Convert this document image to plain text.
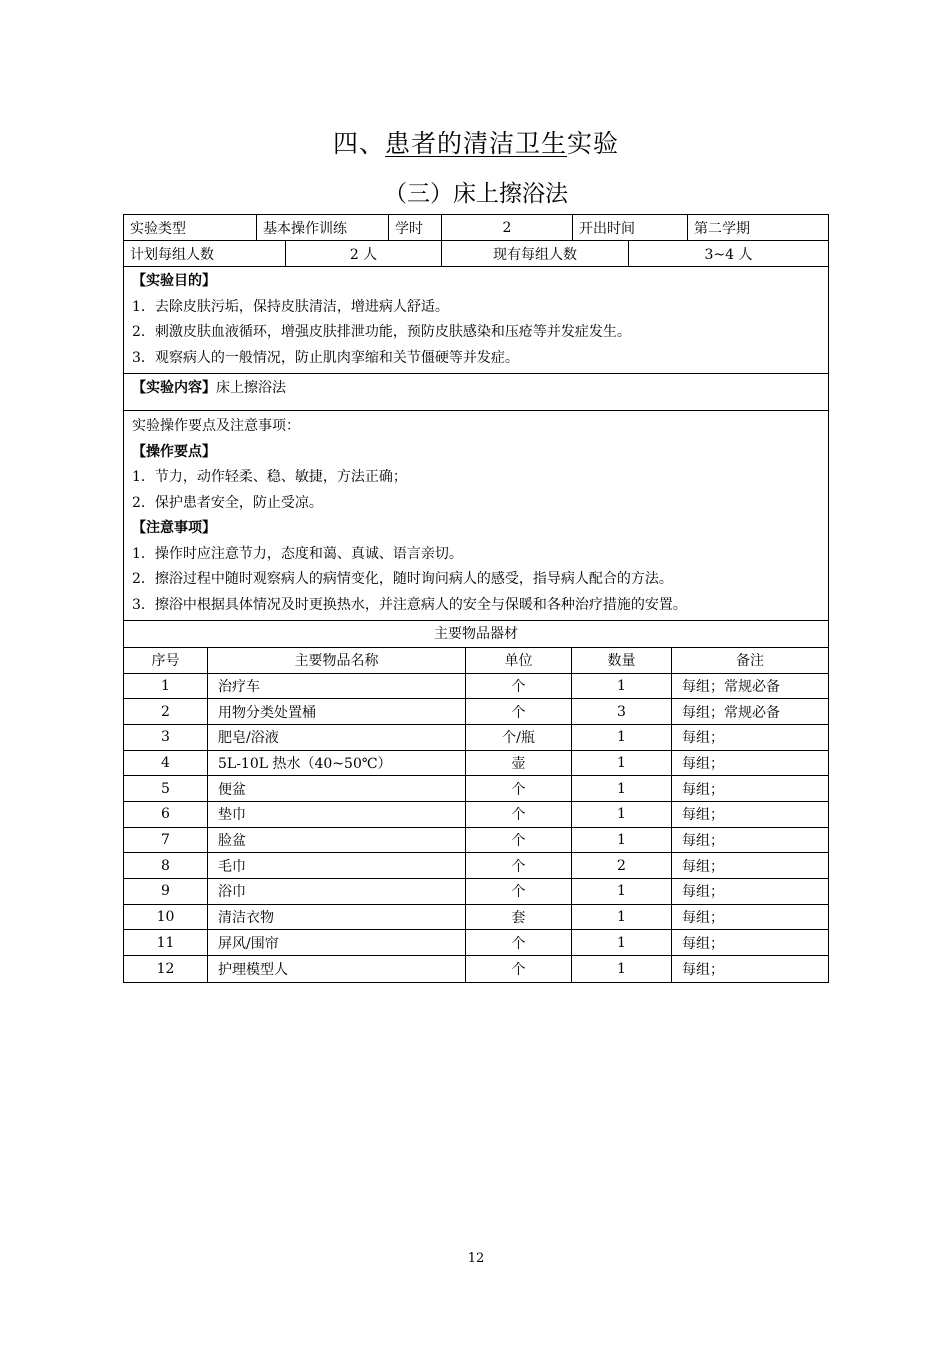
四、患者的清洁卫生实验
（三）床上擦浴法
实验类型	基本操作训练	学时	2	开出时间	第二学期
计划每组人数	2 人	现有每组人数	3~4 人
【实验目的】
1．去除皮肤污垢，保持皮肤清洁，增进病人舒适。
2．刺激皮肤血液循环，增强皮肤排泄功能，预防皮肤感染和压疮等并发症发生。
3．观察病人的一般情况，防止肌肉挛缩和关节僵硬等并发症。
【实验内容】床上擦浴法
实验操作要点及注意事项：
【操作要点】
1．节力，动作轻柔、稳、敏捷，方法正确；
2．保护患者安全，防止受凉。
【注意事项】
1．操作时应注意节力，态度和蔼、真诚、语言亲切。
2．擦浴过程中随时观察病人的病情变化，随时询问病人的感受，指导病人配合的方法。
3．擦浴中根据具体情况及时更换热水，并注意病人的安全与保暖和各种治疗措施的安置。
主要物品器材
序号	主要物品名称	单位	数量	备注
1	治疗车	个	1	每组；常规必备
2	用物分类处置桶	个	3	每组；常规必备
3	肥皂/浴液	个/瓶	1	每组；
4	5L-10L 热水（40~50℃）	壶	1	每组；
5	便盆	个	1	每组；
6	垫巾	个	1	每组；
7	脸盆	个	1	每组；
8	毛巾	个	2	每组；
9	浴巾	个	1	每组；
10	清洁衣物	套	1	每组；
11	屏风/围帘	个	1	每组；
12	护理模型人	个	1	每组；
12
